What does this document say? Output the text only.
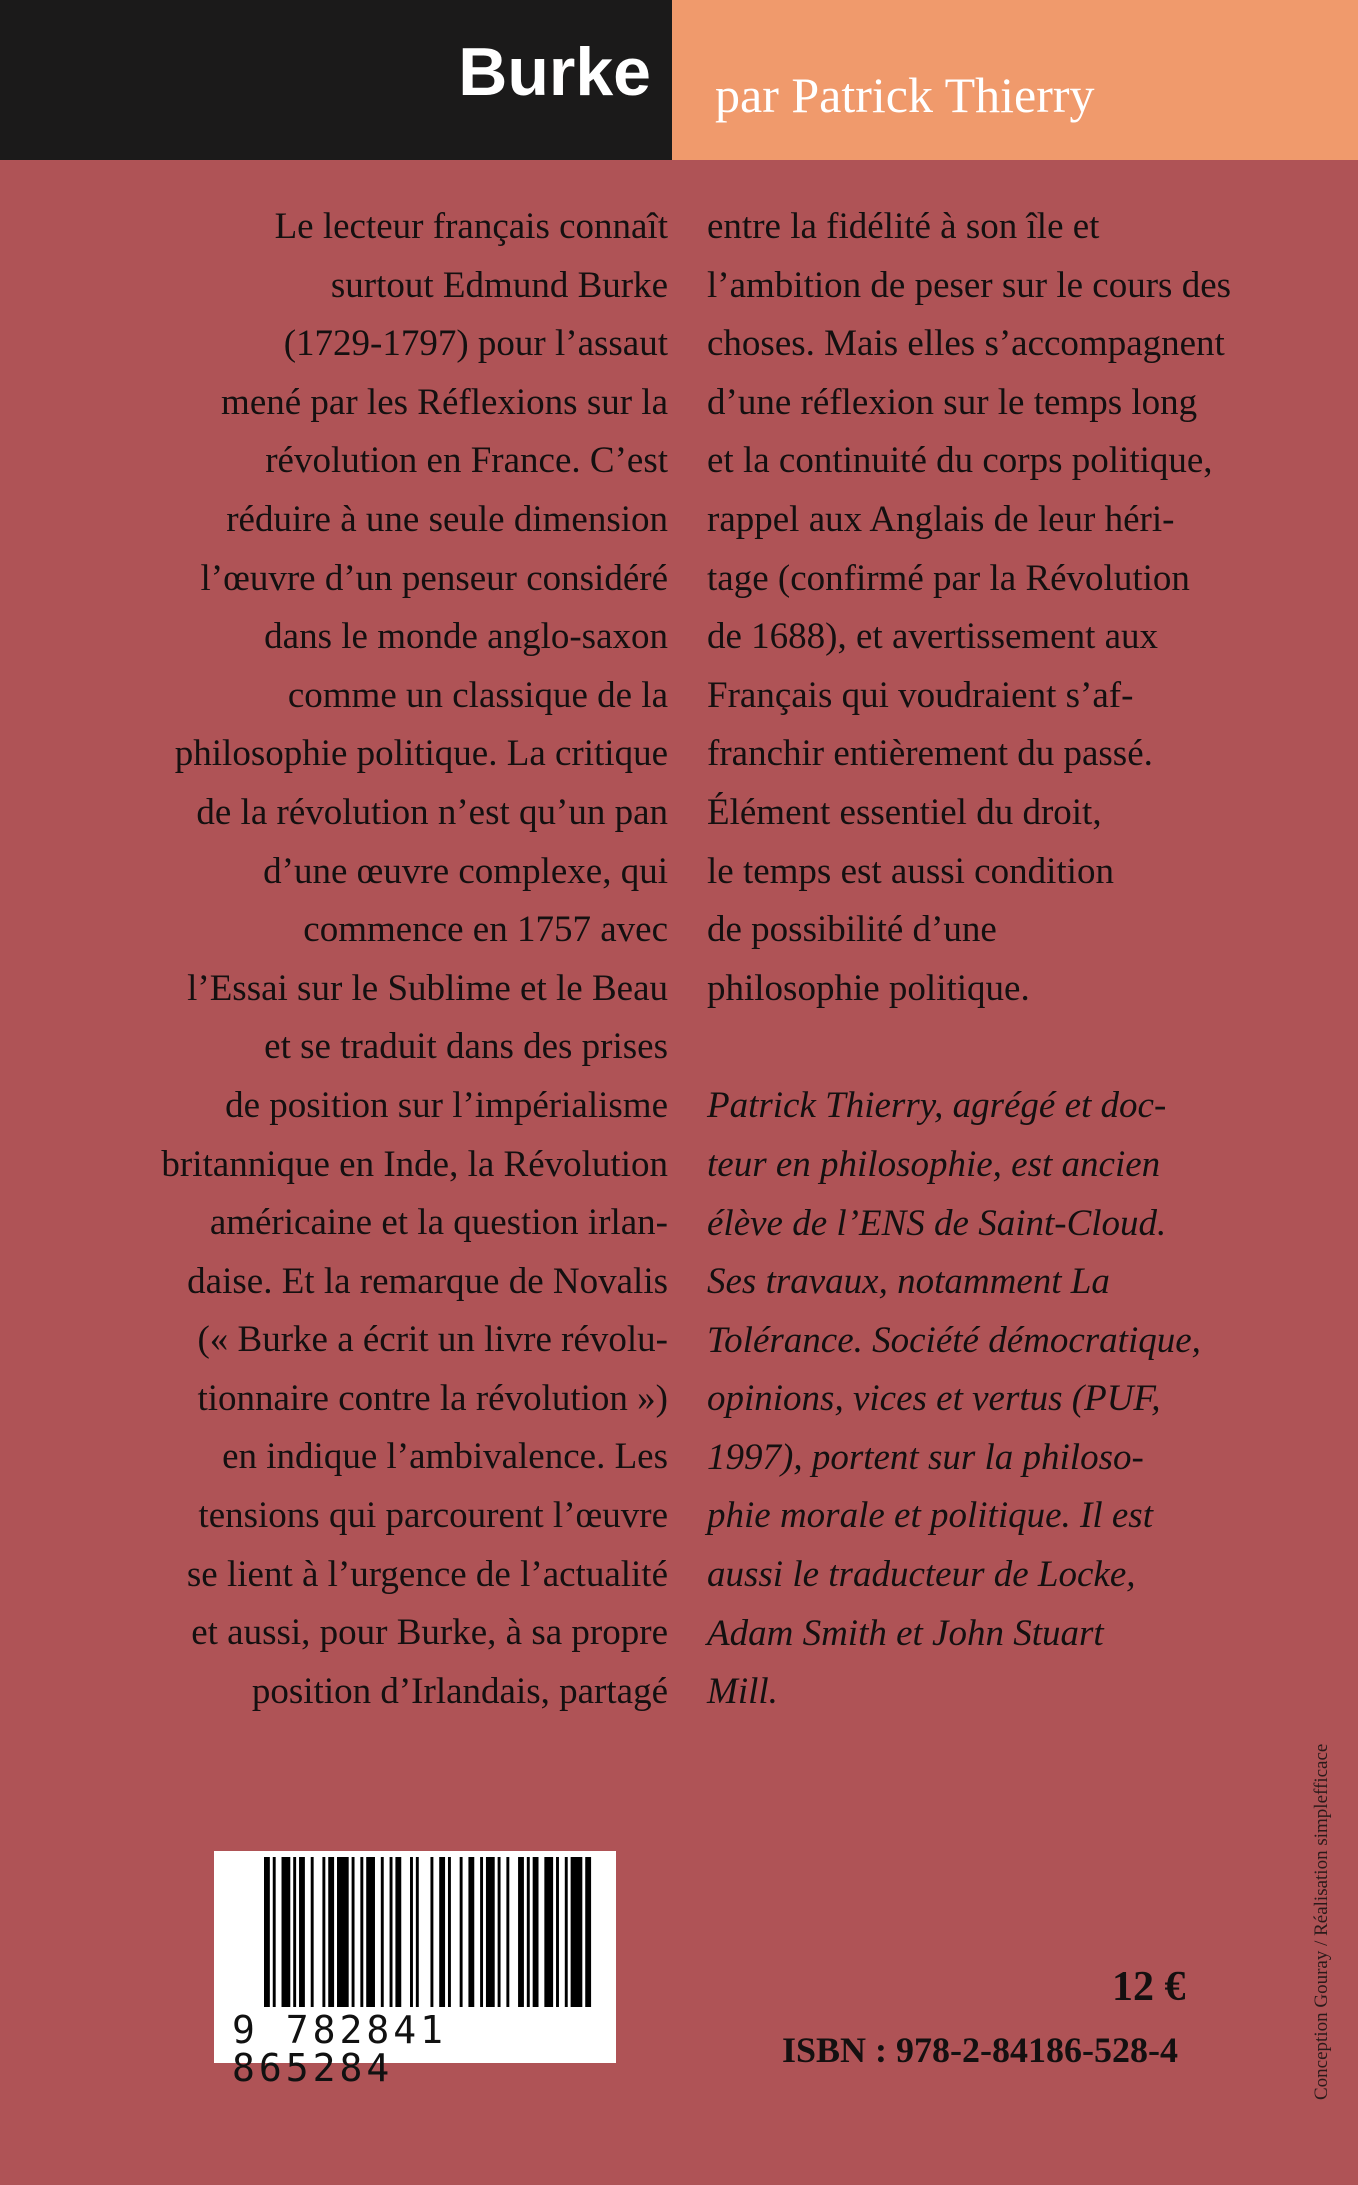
Burke	par Patrick Thierry
Le lecteur français connaît
surtout Edmund Burke
(1729-1797) pour l’assaut
mené par les Réflexions sur la
révolution en France. C’est
réduire à une seule dimension
l’œuvre d’un penseur considéré
dans le monde anglo-saxon
comme un classique de la
philosophie politique. La critique
de la révolution n’est qu’un pan
d’une œuvre complexe, qui
commence en 1757 avec
l’Essai sur le Sublime et le Beau
et se traduit dans des prises
de position sur l’impérialisme
britannique en Inde, la Révolution
américaine et la question irlan-
daise. Et la remarque de Novalis
(« Burke a écrit un livre révolu-
tionnaire contre la révolution »)
en indique l’ambivalence. Les
tensions qui parcourent l’œuvre
se lient à l’urgence de l’actualité
et aussi, pour Burke, à sa propre
position d’Irlandais, partagé
entre la fidélité à son île et
l’ambition de peser sur le cours des
choses. Mais elles s’accompagnent
d’une réflexion sur le temps long
et la continuité du corps politique,
rappel aux Anglais de leur héri-
tage (confirmé par la Révolution
de 1688), et avertissement aux
Français qui voudraient s’af-
franchir entièrement du passé.
Élément essentiel du droit,
le temps est aussi condition
de possibilité d’une
philosophie politique.
Patrick Thierry, agrégé et doc-
teur en philosophie, est ancien
élève de l’ENS de Saint-Cloud.
Ses travaux, notamment La
Tolérance. Société démocratique,
opinions, vices et vertus (PUF,
1997), portent sur la philoso-
phie morale et politique. Il est
aussi le traducteur de Locke,
Adam Smith et John Stuart
Mill.
9 782841 865284
12 €
ISBN : 978-2-84186-528-4	Conception Gouray / Réalisation simplefficace
